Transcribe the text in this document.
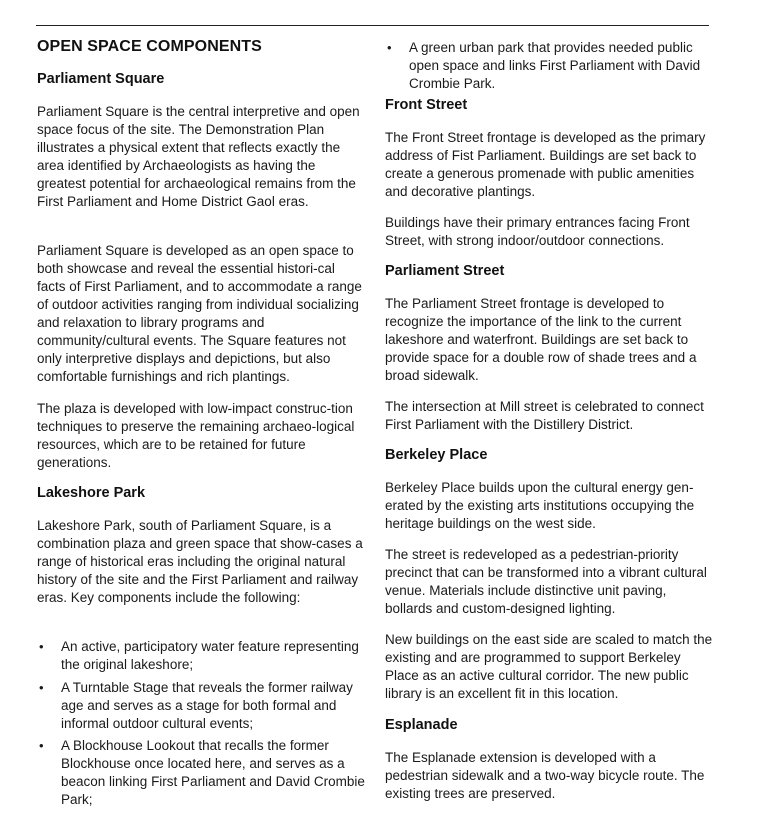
OPEN SPACE COMPONENTS
Parliament Square

Parliament Square is the central interpretive and open space focus of the site. The Demonstration Plan illustrates a physical extent that reflects exactly the area identified by Archaeologists as having the greatest potential for archaeological remains from the First Parliament and Home District Gaol eras.

Parliament Square is developed as an open space to both showcase and reveal the essential histori-cal facts of First Parliament, and to accommodate a range of outdoor activities ranging from individual socializing and relaxation to library programs and community/cultural events. The Square features not only interpretive displays and depictions, but also comfortable furnishings and rich plantings.

The plaza is developed with low-impact construc-tion techniques to preserve the remaining archaeo-logical resources, which are to be retained for future generations.

Lakeshore Park

Lakeshore Park, south of Parliament Square, is a combination plaza and green space that show-cases a range of historical eras including the original natural history of the site and the First Parliament and railway eras. Key components include the following:

• An active, participatory water feature representing the original lakeshore;
• A Turntable Stage that reveals the former railway age and serves as a stage for both formal and informal outdoor cultural events;
• A Blockhouse Lookout that recalls the former Blockhouse once located here, and serves as a beacon linking First Parliament and David Crombie Park;
• A green urban park that provides needed public open space and links First Parliament with David Crombie Park.
Front Street

The Front Street frontage is developed as the primary address of Fist Parliament. Buildings are set back to create a generous promenade with public amenities and decorative plantings.

Buildings have their primary entrances facing Front Street, with strong indoor/outdoor connections.

Parliament Street

The Parliament Street frontage is developed to recognize the importance of the link to the current lakeshore and waterfront. Buildings are set back to provide space for a double row of shade trees and a broad sidewalk.

The intersection at Mill street is celebrated to connect First Parliament with the Distillery District.

Berkeley Place

Berkeley Place builds upon the cultural energy gen-erated by the existing arts institutions occupying the heritage buildings on the west side.

The street is redeveloped as a pedestrian-priority precinct that can be transformed into a vibrant cultural venue. Materials include distinctive unit paving, bollards and custom-designed lighting.

New buildings on the east side are scaled to match the existing and are programmed to support Berkeley Place as an active cultural corridor. The new public library is an excellent fit in this location.

Esplanade

The Esplanade extension is developed with a pedestrian sidewalk and a two-way bicycle route. The existing trees are preserved.
